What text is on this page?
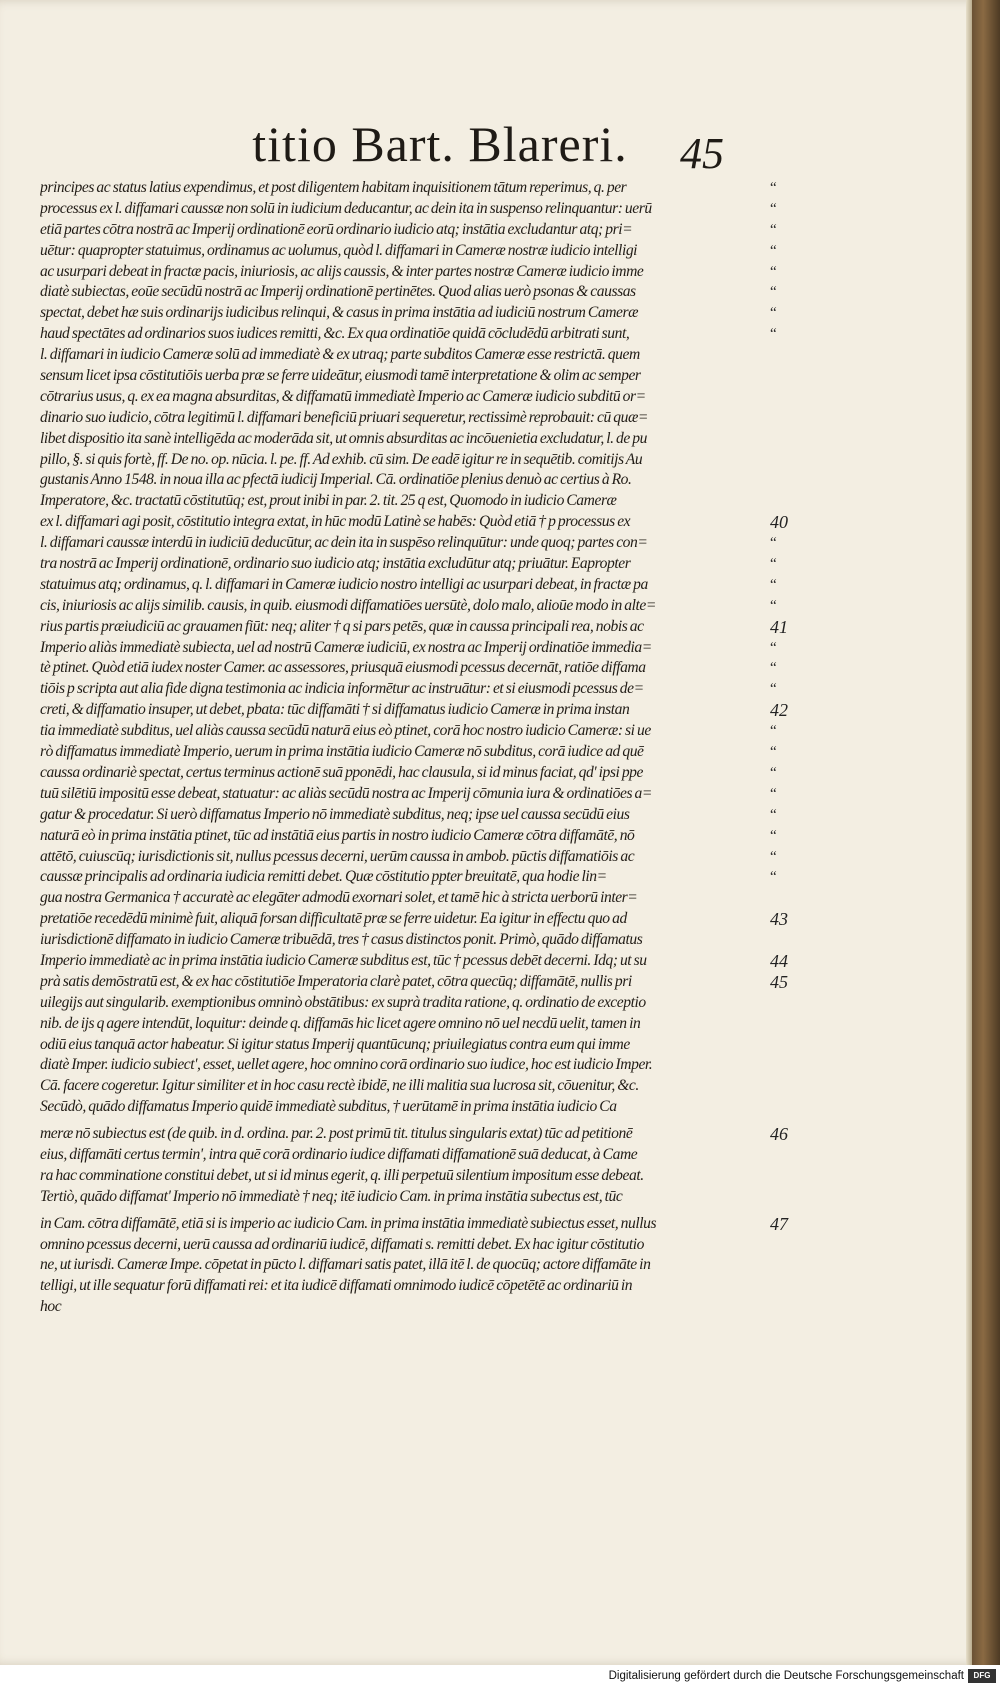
titio Bart. Blareri. 45
principes ac status latius expendimus, et post diligentem habitam inquisitionem tātum reperimus, q. per
processus ex l. diffamari caussæ non solū in iudicium deducantur, ac dein ita in suspenso relinquantur: uerū
etiā partes cōtra nostrā ac Imperij ordinationē eorū ordinario iudicio atq; instātia excludantur atq; pri=
uētur: quapropter statuimus, ordinamus ac uolumus, quòd l. diffamari in Cameræ nostræ iudicio intelligi
ac usurpari debeat in fractæ pacis, iniuriosis, ac alijs caussis, & inter partes nostræ Cameræ iudicio imme
diatè subiectas, eoūe secūdū nostrā ac Imperij ordinationē pertinētes. Quod alias uerò psonas & caussas
spectat, debet hæ suis ordinarijs iudicibus relinqui, & casus in prima instātia ad iudiciū nostrum Cameræ
haud spectātes ad ordinarios suos iudices remitti, &c. Ex qua ordinatiōe quidā cōcludēdū arbitrati sunt,
l. diffamari in iudicio Cameræ solū ad immediatè & ex utraq; parte subditos Cameræ esse restrictā. quem
sensum licet ipsa cōstitutiōis uerba præ se ferre uideātur, eiusmodi tamē interpretatione & olim ac semper
cōtrarius usus, q. ex ea magna absurditas, & diffamatū immediatè Imperio ac Cameræ iudicio subditū or=
dinario suo iudicio, cōtra legitimū l. diffamari beneficiū priuari sequeretur, rectissimè reprobauit: cū quæ=
libet dispositio ita sanè intelligēda ac moderāda sit, ut omnis absurditas ac incōuenietia excludatur, l. de pu
pillo, §. si quis fortè, ff. De no. op. nūcia. l. pe. ff. Ad exhib. cū sim. De eadē igitur re in sequētib. comitijs Au
gustanis Anno 1548. in noua illa ac pfectā iudicij Imperial. Cā. ordinatiōe plenius denuò ac certius à Ro.
Imperatore, &c. tractatū cōstitutūq; est, prout inibi in par. 2. tit. 25 q est, Quomodo in iudicio Cameræ
ex l. diffamari agi posit, cōstitutio integra extat, in hūc modū Latinè se habēs: Quòd etiā † p processus ex
l. diffamari caussæ interdū in iudiciū deducūtur, ac dein ita in suspēso relinquūtur: unde quoq; partes con=
tra nostrā ac Imperij ordinationē, ordinario suo iudicio atq; instātia excludūtur atq; priuātur. Eapropter
statuimus atq; ordinamus, q. l. diffamari in Cameræ iudicio nostro intelligi ac usurpari debeat, in fractæ pa
cis, iniuriosis ac alijs similib. causis, in quib. eiusmodi diffamatiōes uersūtè, dolo malo, alioūe modo in alte=
rius partis præiudiciū ac grauamen fiūt: neq; aliter † q si pars petēs, quæ in caussa principali rea, nobis ac
Imperio aliàs immediatè subiecta, uel ad nostrū Cameræ iudiciū, ex nostra ac Imperij ordinatiōe immedia=
tè ptinet. Quòd etiā iudex noster Camer. ac assessores, priusquā eiusmodi pcessus decernāt, ratiōe diffama
tiōis p scripta aut alia fide digna testimonia ac indicia informētur ac instruātur: et si eiusmodi pcessus de=
creti, & diffamatio insuper, ut debet, pbata: tūc diffamāti † si diffamatus iudicio Cameræ in prima instan
tia immediatè subditus, uel aliàs caussa secūdū naturā eius eò ptinet, corā hoc nostro iudicio Cameræ: si ue
rò diffamatus immediatè Imperio, uerum in prima instātia iudicio Cameræ nō subditus, corā iudice ad quē
caussa ordinariè spectat, certus terminus actionē suā pponēdi, hac clausula, si id minus faciat, qd' ipsi ppe
tuū silētiū impositū esse debeat, statuatur: ac aliàs secūdū nostra ac Imperij cōmunia iura & ordinatiōes a=
gatur & procedatur. Si uerò diffamatus Imperio nō immediatè subditus, neq; ipse uel caussa secūdū eius
naturā eò in prima instātia ptinet, tūc ad instātiā eius partis in nostro iudicio Cameræ cōtra diffamātē, nō
attētō, cuiuscūq; iurisdictionis sit, nullus pcessus decerni, uerūm caussa in ambob. pūctis diffamatiōis ac
caussæ principalis ad ordinaria iudicia remitti debet. Quæ cōstitutio ppter breuitatē, qua hodie lin=
gua nostra Germanica † accuratè ac elegāter admodū exornari solet, et tamē hic à stricta uerborū inter=
pretatiōe recedēdū minimè fuit, aliquā forsan difficultatē præ se ferre uidetur. Ea igitur in effectu quo ad
iurisdictionē diffamato in iudicio Cameræ tribuēdā, tres † casus distinctos ponit. Primò, quādo diffamatus
Imperio immediatè ac in prima instātia iudicio Cameræ subditus est, tūc † pcessus debēt decerni. Idq; ut su
prà satis demōstratū est, & ex hac cōstitutiōe Imperatoria clarè patet, cōtra quecūq; diffamātē, nullis pri
uilegijs aut singularib. exemptionibus omninò obstātibus: ex suprà tradita ratione, q. ordinatio de exceptio
nib. de ijs q agere intendūt, loquitur: deinde q. diffamās hic licet agere omnino nō uel necdū uelit, tamen in
odiū eius tanquā actor habeatur. Si igitur status Imperij quantūcunq; priuilegiatus contra eum qui imme
diatè Imper. iudicio subiect', esset, uellet agere, hoc omnino corā ordinario suo iudice, hoc est iudicio Imper.
Cā. facere cogeretur. Igitur similiter et in hoc casu rectè ibidē, ne illi malitia sua lucrosa sit, cōuenitur, &c.
Secūdò, quādo diffamatus Imperio quidē immediatè subditus, † uerūtamē in prima instātia iudicio Ca
meræ nō subiectus est (de quib. in d. ordina. par. 2. post primū tit. titulus singularis extat) tūc ad petitionē
eius, diffamāti certus termin', intra quē corā ordinario iudice diffamati diffamationē suā deducat, à Came
ra hac comminatione constitui debet, ut si id minus egerit, q. illi perpetuū silentium impositum esse debeat.
Tertiò, quādo diffamat' Imperio nō immediatè † neq; itē iudicio Cam. in prima instātia subectus est, tūc
in Cam. cōtra diffamātē, etiā si is imperio ac iudicio Cam. in prima instātia immediatè subiectus esset, nullus
omnino pcessus decerni, uerū caussa ad ordinariū iudicē, diffamati s. remitti debet. Ex hac igitur cōstitutio
ne, ut iurisdi. Cameræ Impe. cōpetat in pūcto l. diffamari satis patet, illā itē l. de quocūq; actore diffamāte in
telligi, ut ille sequatur forū diffamati rei: et ita iudicē diffamati omnimodo iudicē cōpetētē ac ordinariū in
hoc
“
“
“
“
“
“
“
“
40
“
“
“
“
41
“
“
“
42
“
“
“
“
“
“
“
“
43
44
45
46
47
Digitalisierung gefördert durch die Deutsche Forschungsgemeinschaft	DFG
